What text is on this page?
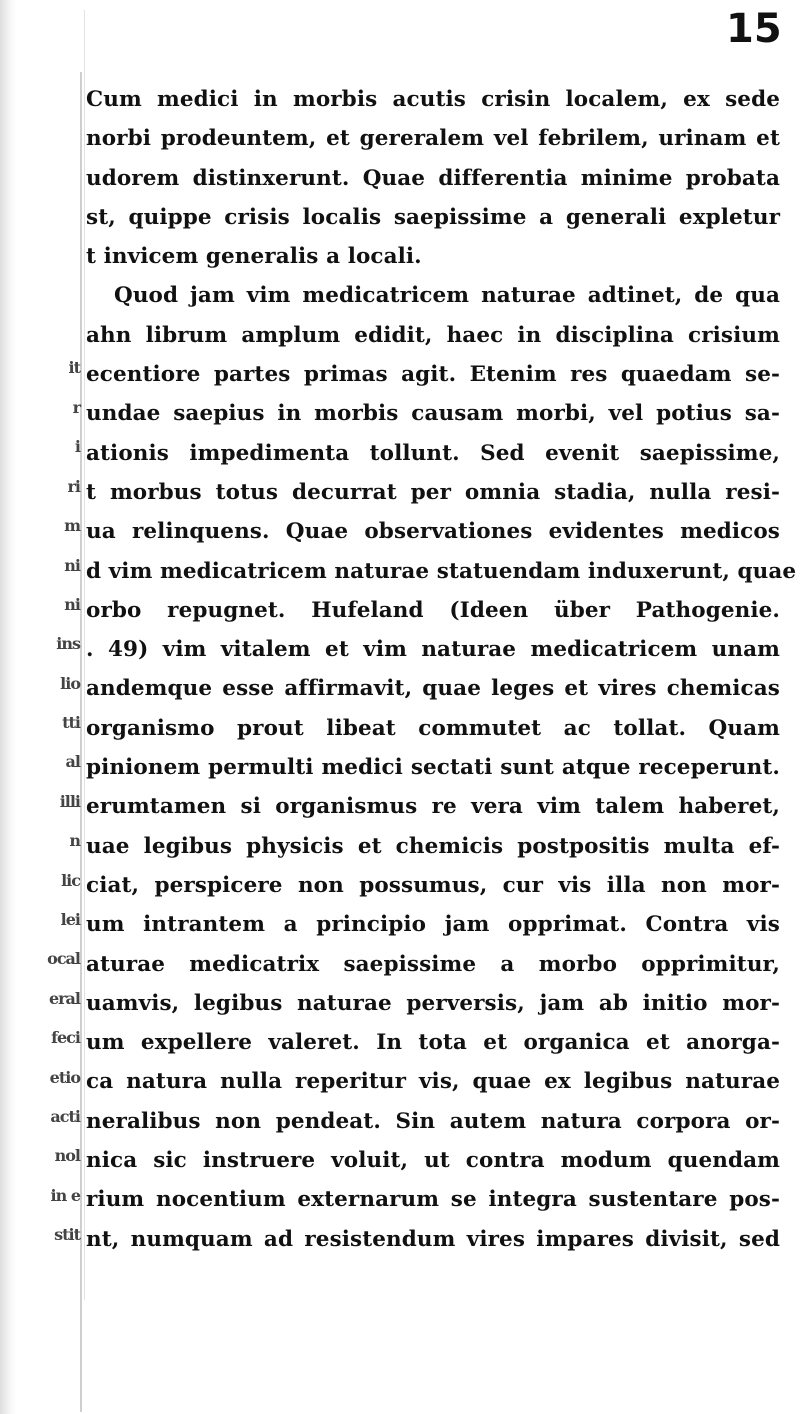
it
r
i
ri
m
ni
ni
ins
lio
tti
al
illi
n
lic
lei
ocal
eral
feci
etio
acti
nol
in e
stit
15
Cum medici in morbis acutis crisin localem, ex sede
norbi prodeuntem, et gereralem vel febrilem, urinam et
udorem distinxerunt. Quae differentia minime probata
st, quippe crisis localis saepissime a generali expletur
t invicem generalis a locali.
Quod jam vim medicatricem naturae adtinet, de qua
ahn librum amplum edidit, haec in disciplina crisium
ecentiore partes primas agit. Etenim res quaedam se-
undae saepius in morbis causam morbi, vel potius sa-
ationis impedimenta tollunt. Sed evenit saepissime,
t morbus totus decurrat per omnia stadia, nulla resi-
ua relinquens. Quae observationes evidentes medicos
d vim medicatricem naturae statuendam induxerunt, quae
orbo repugnet. Hufeland (Ideen über Pathogenie.
. 49) vim vitalem et vim naturae medicatricem unam
andemque esse affirmavit, quae leges et vires chemicas
organismo prout libeat commutet ac tollat. Quam
pinionem permulti medici sectati sunt atque receperunt.
erumtamen si organismus re vera vim talem haberet,
uae legibus physicis et chemicis postpositis multa ef-
ciat, perspicere non possumus, cur vis illa non mor-
um intrantem a principio jam opprimat. Contra vis
aturae medicatrix saepissime a morbo opprimitur,
uamvis, legibus naturae perversis, jam ab initio mor-
um expellere valeret. In tota et organica et anorga-
ca natura nulla reperitur vis, quae ex legibus naturae
neralibus non pendeat. Sin autem natura corpora or-
nica sic instruere voluit, ut contra modum quendam
rium nocentium externarum se integra sustentare pos-
nt, numquam ad resistendum vires impares divisit, sed
